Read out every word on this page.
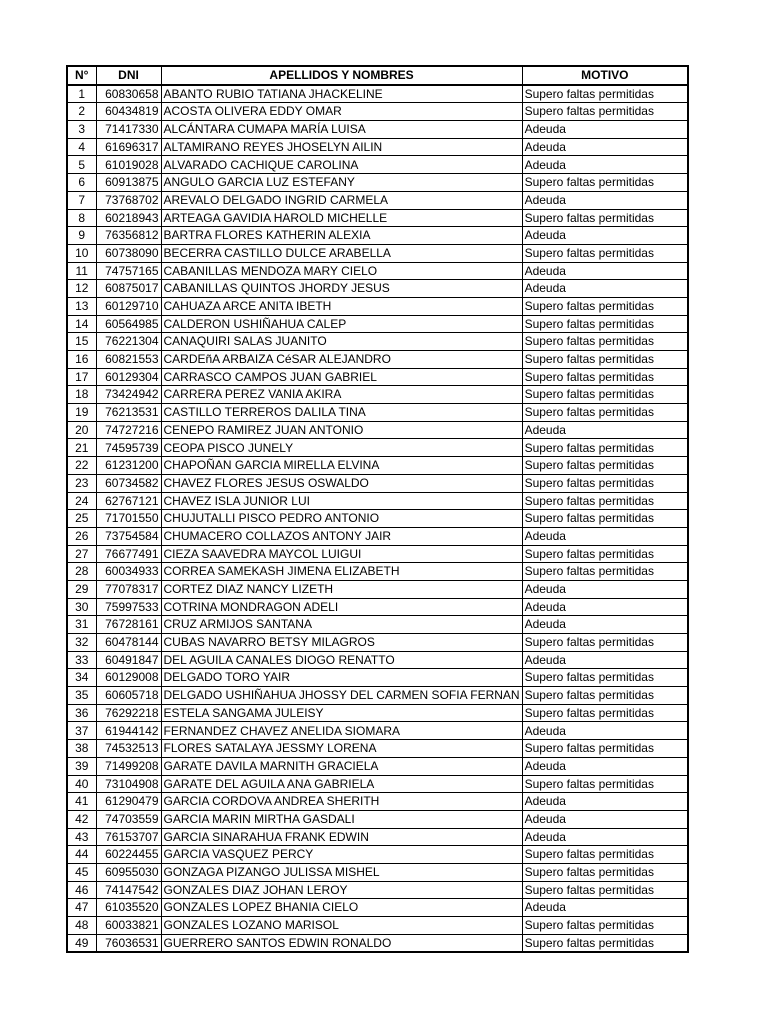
N°	DNI	APELLIDOS Y NOMBRES	MOTIVO
1	60830658	ABANTO RUBIO TATIANA JHACKELINE	Supero faltas permitidas
2	60434819	ACOSTA OLIVERA EDDY OMAR	Supero faltas permitidas
3	71417330	ALCÁNTARA CUMAPA MARÍA LUISA	Adeuda
4	61696317	ALTAMIRANO REYES JHOSELYN AILIN	Adeuda
5	61019028	ALVARADO CACHIQUE CAROLINA	Adeuda
6	60913875	ANGULO GARCIA LUZ ESTEFANY	Supero faltas permitidas
7	73768702	AREVALO DELGADO INGRID CARMELA	Adeuda
8	60218943	ARTEAGA GAVIDIA HAROLD MICHELLE	Supero faltas permitidas
9	76356812	BARTRA FLORES KATHERIN ALEXIA	Adeuda
10	60738090	BECERRA CASTILLO DULCE ARABELLA	Supero faltas permitidas
11	74757165	CABANILLAS MENDOZA MARY CIELO	Adeuda
12	60875017	CABANILLAS QUINTOS JHORDY JESUS	Adeuda
13	60129710	CAHUAZA ARCE ANITA IBETH	Supero faltas permitidas
14	60564985	CALDERON USHIÑAHUA CALEP	Supero faltas permitidas
15	76221304	CANAQUIRI SALAS JUANITO	Supero faltas permitidas
16	60821553	CARDEñA ARBAIZA CéSAR ALEJANDRO	Supero faltas permitidas
17	60129304	CARRASCO CAMPOS JUAN GABRIEL	Supero faltas permitidas
18	73424942	CARRERA PEREZ VANIA AKIRA	Supero faltas permitidas
19	76213531	CASTILLO TERREROS DALILA TINA	Supero faltas permitidas
20	74727216	CENEPO RAMIREZ JUAN ANTONIO	Adeuda
21	74595739	CEOPA PISCO JUNELY	Supero faltas permitidas
22	61231200	CHAPOÑAN GARCIA MIRELLA ELVINA	Supero faltas permitidas
23	60734582	CHAVEZ FLORES JESUS OSWALDO	Supero faltas permitidas
24	62767121	CHAVEZ ISLA JUNIOR LUI	Supero faltas permitidas
25	71701550	CHUJUTALLI PISCO PEDRO ANTONIO	Supero faltas permitidas
26	73754584	CHUMACERO COLLAZOS ANTONY JAIR	Adeuda
27	76677491	CIEZA SAAVEDRA MAYCOL LUIGUI	Supero faltas permitidas
28	60034933	CORREA SAMEKASH JIMENA ELIZABETH	Supero faltas permitidas
29	77078317	CORTEZ DIAZ NANCY LIZETH	Adeuda
30	75997533	COTRINA MONDRAGON ADELI	Adeuda
31	76728161	CRUZ ARMIJOS SANTANA	Adeuda
32	60478144	CUBAS NAVARRO BETSY MILAGROS	Supero faltas permitidas
33	60491847	DEL AGUILA CANALES DIOGO RENATTO	Adeuda
34	60129008	DELGADO TORO YAIR	Supero faltas permitidas
35	60605718	DELGADO USHIÑAHUA JHOSSY DEL CARMEN SOFIA FERNAN	Supero faltas permitidas
36	76292218	ESTELA SANGAMA JULEISY	Supero faltas permitidas
37	61944142	FERNANDEZ CHAVEZ ANELIDA SIOMARA	Adeuda
38	74532513	FLORES SATALAYA JESSMY LORENA	Supero faltas permitidas
39	71499208	GARATE DAVILA MARNITH GRACIELA	Adeuda
40	73104908	GARATE DEL AGUILA ANA GABRIELA	Supero faltas permitidas
41	61290479	GARCIA CORDOVA ANDREA SHERITH	Adeuda
42	74703559	GARCIA MARIN MIRTHA GASDALI	Adeuda
43	76153707	GARCIA SINARAHUA FRANK EDWIN	Adeuda
44	60224455	GARCIA VASQUEZ PERCY	Supero faltas permitidas
45	60955030	GONZAGA PIZANGO JULISSA MISHEL	Supero faltas permitidas
46	74147542	GONZALES DIAZ JOHAN LEROY	Supero faltas permitidas
47	61035520	GONZALES LOPEZ BHANIA CIELO	Adeuda
48	60033821	GONZALES LOZANO MARISOL	Supero faltas permitidas
49	76036531	GUERRERO SANTOS EDWIN RONALDO	Supero faltas permitidas
